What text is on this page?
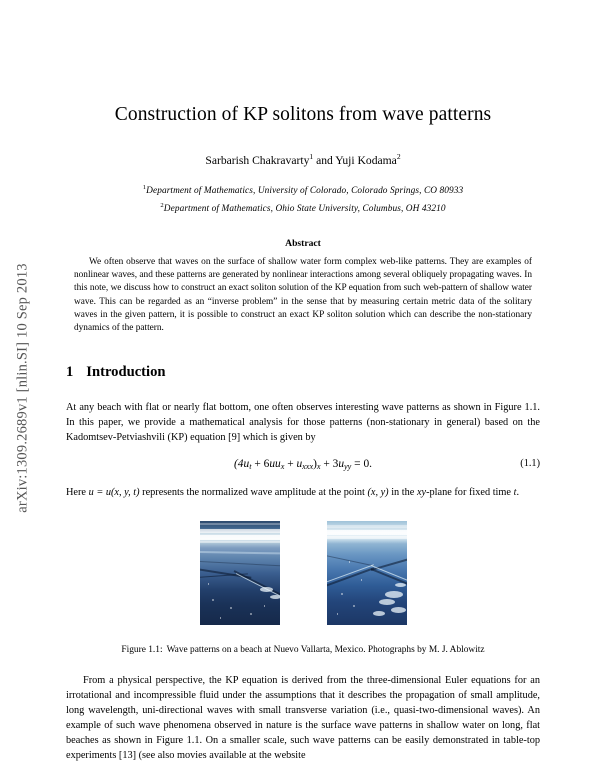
arXiv:1309.2689v1 [nlin.SI] 10 Sep 2013
Construction of KP solitons from wave patterns
Sarbarish Chakravarty$^1$ and Yuji Kodama$^2$
$^1$Department of Mathematics, University of Colorado, Colorado Springs, CO 80933
$^2$Department of Mathematics, Ohio State University, Columbus, OH 43210
Abstract

We often observe that waves on the surface of shallow water form complex web-like patterns. They are examples of nonlinear waves, and these patterns are generated by nonlinear interactions among several obliquely propagating waves. In this note, we discuss how to construct an exact soliton solution of the KP equation from such web-pattern of shallow water wave. This can be regarded as an “inverse problem” in the sense that by measuring certain metric data of the solitary waves in the given pattern, it is possible to construct an exact KP soliton solution which can describe the non-stationary dynamics of the pattern.

1 Introduction

At any beach with flat or nearly flat bottom, one often observes interesting wave patterns as shown in Figure 1.1. In this paper, we provide a mathematical analysis for those patterns (non-stationary in general) based on the Kadomtsev-Petviashvili (KP) equation [9] which is given by

(4ut + 6uux + uxxx)x + 3uyy = 0.	(1.1)

Here u = u(x, y, t) represents the normalized wave amplitude at the point (x, y) in the xy-plane for fixed time t.

Figure 1.1: Wave patterns on a beach at Nuevo Vallarta, Mexico. Photographs by M. J. Ablowitz

From a physical perspective, the KP equation is derived from the three-dimensional Euler equations for an irrotational and incompressible fluid under the assumptions that it describes the propagation of small amplitude, long wavelength, uni-directional waves with small transverse variation (i.e., quasi-two-dimensional waves). An example of such wave phenomena observed in nature is the surface wave patterns in shallow water on long, flat beaches as shown in Figure 1.1. On a smaller scale, such wave patterns can be easily demonstrated in table-top experiments [13] (see also movies available at the website
